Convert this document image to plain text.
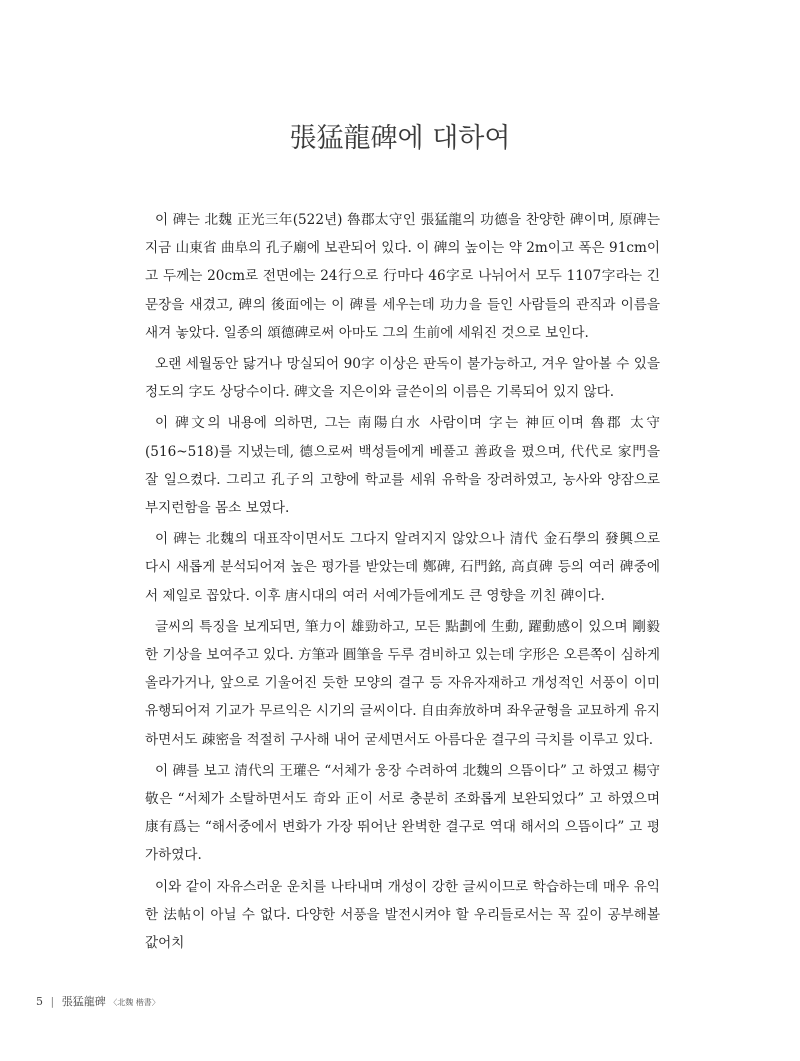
張猛龍碑에 대하여

이 碑는 北魏 正光三年(522년) 魯郡太守인 張猛龍의 功德을 찬양한 碑이며, 原碑는 지금 山東省 曲阜의 孔子廟에 보관되어 있다. 이 碑의 높이는 약 2m이고 폭은 91cm이고 두께는 20cm로 전면에는 24行으로 行마다 46字로 나뉘어서 모두 1107字라는 긴 문장을 새겼고, 碑의 後面에는 이 碑를 세우는데 功力을 들인 사람들의 관직과 이름을 새겨 놓았다. 일종의 頌德碑로써 아마도 그의 生前에 세워진 것으로 보인다.

오랜 세월동안 닳거나 망실되어 90字 이상은 판독이 불가능하고, 겨우 알아볼 수 있을 정도의 字도 상당수이다. 碑文을 지은이와 글쓴이의 이름은 기록되어 있지 않다.

이 碑文의 내용에 의하면, 그는 南陽白水 사람이며 字는 神叵이며 魯郡 太守(516~518)를 지냈는데, 德으로써 백성들에게 베풀고 善政을 폈으며, 代代로 家門을 잘 일으켰다. 그리고 孔子의 고향에 학교를 세워 유학을 장려하였고, 농사와 양잠으로 부지런함을 몸소 보였다.

이 碑는 北魏의 대표작이면서도 그다지 알려지지 않았으나 清代 金石學의 發興으로 다시 새롭게 분석되어져 높은 평가를 받았는데 鄭碑, 石門銘, 高貞碑 등의 여러 碑중에서 제일로 꼽았다. 이후 唐시대의 여러 서예가들에게도 큰 영향을 끼친 碑이다.

글씨의 특징을 보게되면, 筆力이 雄勁하고, 모든 點劃에 生動, 躍動感이 있으며 剛毅한 기상을 보여주고 있다. 方筆과 圓筆을 두루 겸비하고 있는데 字形은 오른쪽이 심하게 올라가거나, 앞으로 기울어진 듯한 모양의 결구 등 자유자재하고 개성적인 서풍이 이미 유행되어져 기교가 무르익은 시기의 글씨이다. 自由奔放하며 좌우균형을 교묘하게 유지하면서도 疎密을 적절히 구사해 내어 굳세면서도 아름다운 결구의 극치를 이루고 있다.

이 碑를 보고 清代의 王瓘은 “서체가 웅장 수려하여 北魏의 으뜸이다” 고 하였고 楊守敬은 “서체가 소탈하면서도 奇와 正이 서로 충분히 조화롭게 보완되었다” 고 하였으며 康有爲는 “해서중에서 변화가 가장 뛰어난 완벽한 결구로 역대 해서의 으뜸이다” 고 평가하였다.

이와 같이 자유스러운 운치를 나타내며 개성이 강한 글씨이므로 학습하는데 매우 유익한 法帖이 아닐 수 없다. 다양한 서풍을 발전시켜야 할 우리들로서는 꼭 깊이 공부해볼 값어치

5 | 張猛龍碑 〈北魏 楷書〉
